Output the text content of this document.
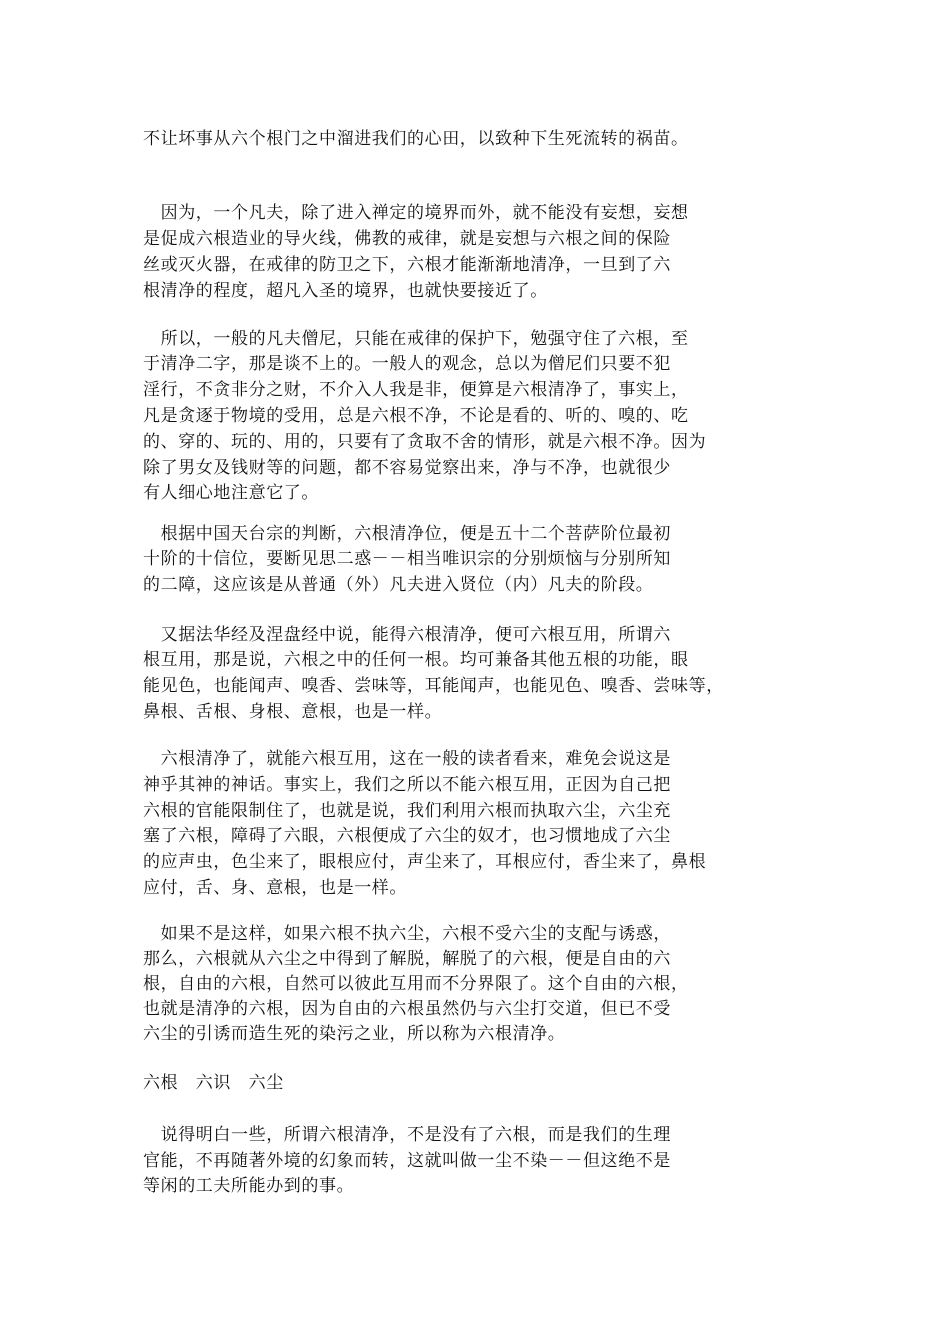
不让坏事从六个根门之中溜进我们的心田，以致种下生死流转的祸苗。
　因为，一个凡夫，除了进入禅定的境界而外，就不能没有妄想，妄想
是促成六根造业的导火线，佛教的戒律，就是妄想与六根之间的保险
丝或灭火器，在戒律的防卫之下，六根才能渐渐地清净，一旦到了六
根清净的程度，超凡入圣的境界，也就快要接近了。
　所以，一般的凡夫僧尼，只能在戒律的保护下，勉强守住了六根，至
于清净二字，那是谈不上的。一般人的观念，总以为僧尼们只要不犯
淫行，不贪非分之财，不介入人我是非，便算是六根清净了，事实上，
凡是贪逐于物境的受用，总是六根不净，不论是看的、听的、嗅的、吃
的、穿的、玩的、用的，只要有了贪取不舍的情形，就是六根不净。因为
除了男女及钱财等的问题，都不容易觉察出来，净与不净，也就很少
有人细心地注意它了。
　根据中国天台宗的判断，六根清净位，便是五十二个菩萨阶位最初
十阶的十信位，要断见思二惑－－相当唯识宗的分别烦恼与分别所知
的二障，这应该是从普通（外）凡夫进入贤位（内）凡夫的阶段。
　又据法华经及涅盘经中说，能得六根清净，便可六根互用，所谓六
根互用，那是说，六根之中的任何一根。均可兼备其他五根的功能，眼
能见色，也能闻声、嗅香、尝味等，耳能闻声，也能见色、嗅香、尝味等，
鼻根、舌根、身根、意根，也是一样。
　六根清净了，就能六根互用，这在一般的读者看来，难免会说这是
神乎其神的神话。事实上，我们之所以不能六根互用，正因为自己把
六根的官能限制住了，也就是说，我们利用六根而执取六尘，六尘充
塞了六根，障碍了六眼，六根便成了六尘的奴才，也习惯地成了六尘
的应声虫，色尘来了，眼根应付，声尘来了，耳根应付，香尘来了，鼻根
应付，舌、身、意根，也是一样。
　如果不是这样，如果六根不执六尘，六根不受六尘的支配与诱惑，
那么，六根就从六尘之中得到了解脱，解脱了的六根，便是自由的六
根，自由的六根，自然可以彼此互用而不分界限了。这个自由的六根，
也就是清净的六根，因为自由的六根虽然仍与六尘打交道，但已不受
六尘的引诱而造生死的染污之业，所以称为六根清净。
六根　六识　六尘
　说得明白一些，所谓六根清净，不是没有了六根，而是我们的生理
官能，不再随著外境的幻象而转，这就叫做一尘不染－－但这绝不是
等闲的工夫所能办到的事。
